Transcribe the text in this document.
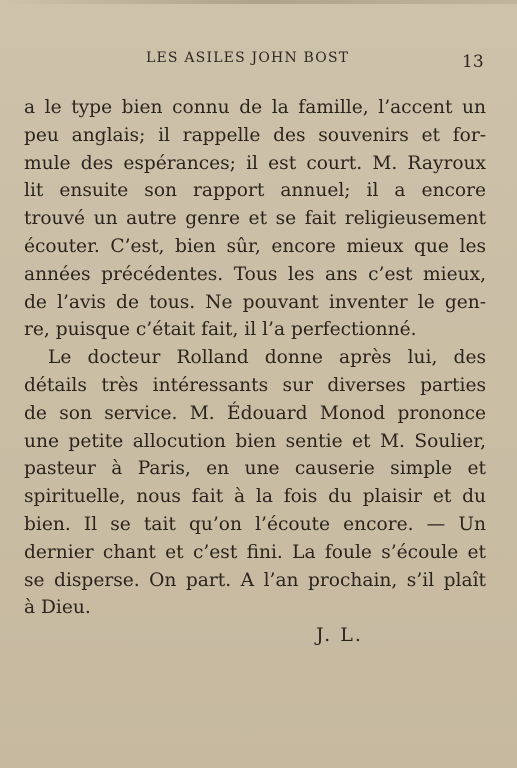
LES ASILES JOHN BOST	13
a le type bien connu de la famille, l’accent un
peu anglais; il rappelle des souvenirs et for-
mule des espérances; il est court. M. Rayroux
lit ensuite son rapport annuel; il a encore
trouvé un autre genre et se fait religieusement
écouter. C’est, bien sûr, encore mieux que les
années précédentes. Tous les ans c’est mieux,
de l’avis de tous. Ne pouvant inventer le gen-
re, puisque c’était fait, il l’a perfectionné.
Le docteur Rolland donne après lui, des
détails très intéressants sur diverses parties
de son service. M. Édouard Monod prononce
une petite allocution bien sentie et M. Soulier,
pasteur à Paris, en une causerie simple et
spirituelle, nous fait à la fois du plaisir et du
bien. Il se tait qu’on l’écoute encore. — Un
dernier chant et c’est fini. La foule s’écoule et
se disperse. On part. A l’an prochain, s’il plaît
à Dieu.
J. L.
